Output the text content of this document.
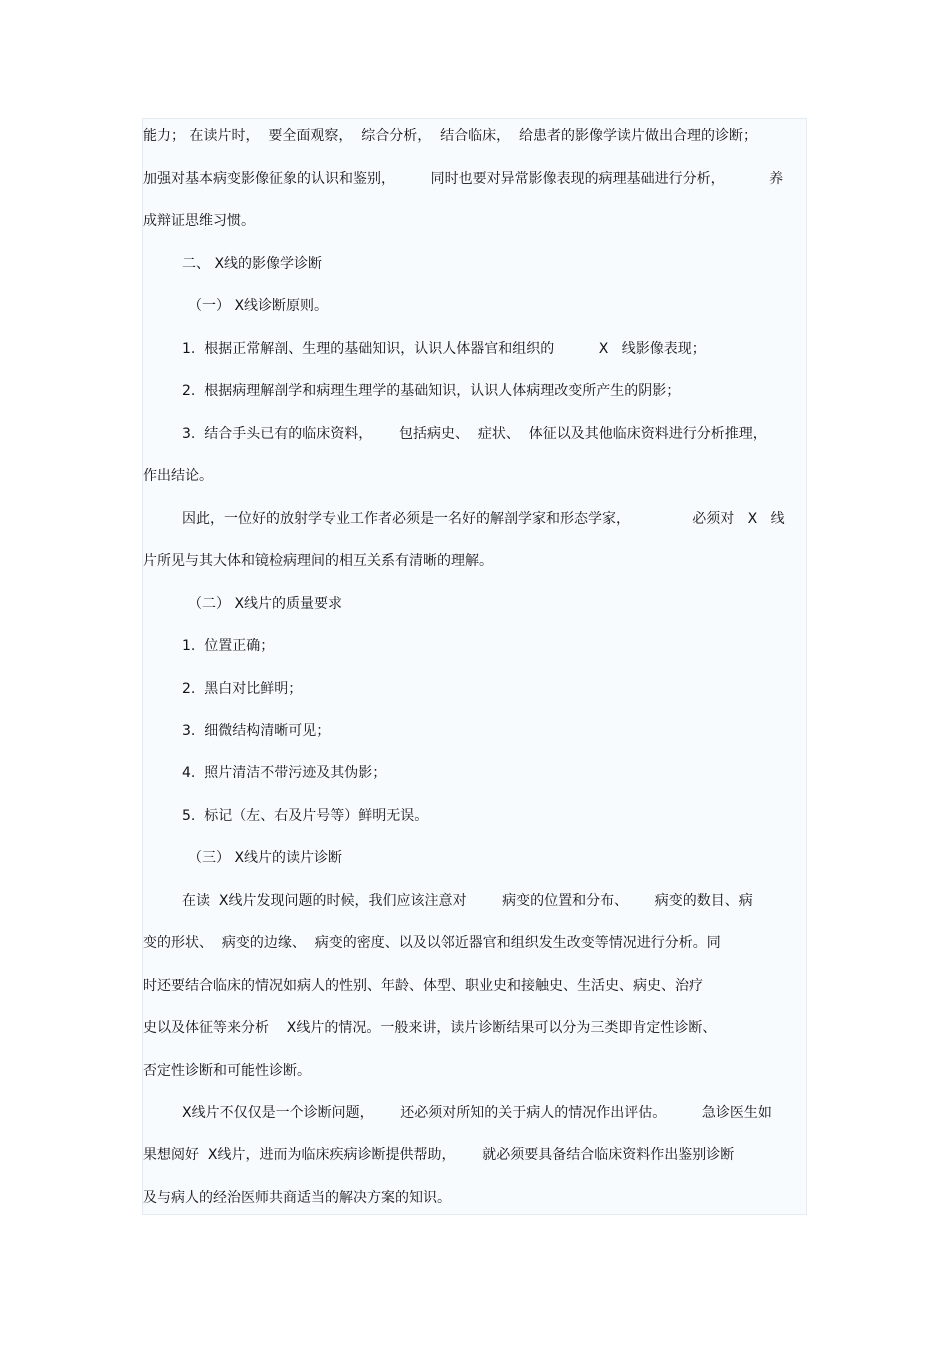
能力； 在读片时，  要全面观察，  综合分析，  结合临床，  给患者的影像学读片做出合理的诊断；
加强对基本病变影像征象的认识和鉴别，        同时也要对异常影像表现的病理基础进行分析，          养
成辩证思维习惯。
二、 X线的影像学诊断
（一） X线诊断原则。
1.  根据正常解剖、生理的基础知识，认识人体器官和组织的          X   线影像表现；
2.  根据病理解剖学和病理生理学的基础知识，认识人体病理改变所产生的阴影；
3.  结合手头已有的临床资料，      包括病史、  症状、  体征以及其他临床资料进行分析推理，
作出结论。
因此，一位好的放射学专业工作者必须是一名好的解剖学家和形态学家，              必须对   X   线
片所见与其大体和镜检病理间的相互关系有清晰的理解。
（二） X线片的质量要求
1.  位置正确；
2.  黑白对比鲜明；
3.  细微结构清晰可见；
4.  照片清洁不带污迹及其伪影；
5.  标记（左、右及片号等）鲜明无误。
（三） X线片的读片诊断
在读  X线片发现问题的时候，我们应该注意对        病变的位置和分布、      病变的数目、病
变的形状、  病变的边缘、  病变的密度、以及以邻近器官和组织发生改变等情况进行分析。同
时还要结合临床的情况如病人的性别、年龄、体型、职业史和接触史、生活史、病史、治疗
史以及体征等来分析    X线片的情况。一般来讲，读片诊断结果可以分为三类即肯定性诊断、
否定性诊断和可能性诊断。
X线片不仅仅是一个诊断问题，      还必须对所知的关于病人的情况作出评估。        急诊医生如
果想阅好  X线片，进而为临床疾病诊断提供帮助，      就必须要具备结合临床资料作出鉴别诊断
及与病人的经治医师共商适当的解决方案的知识。
